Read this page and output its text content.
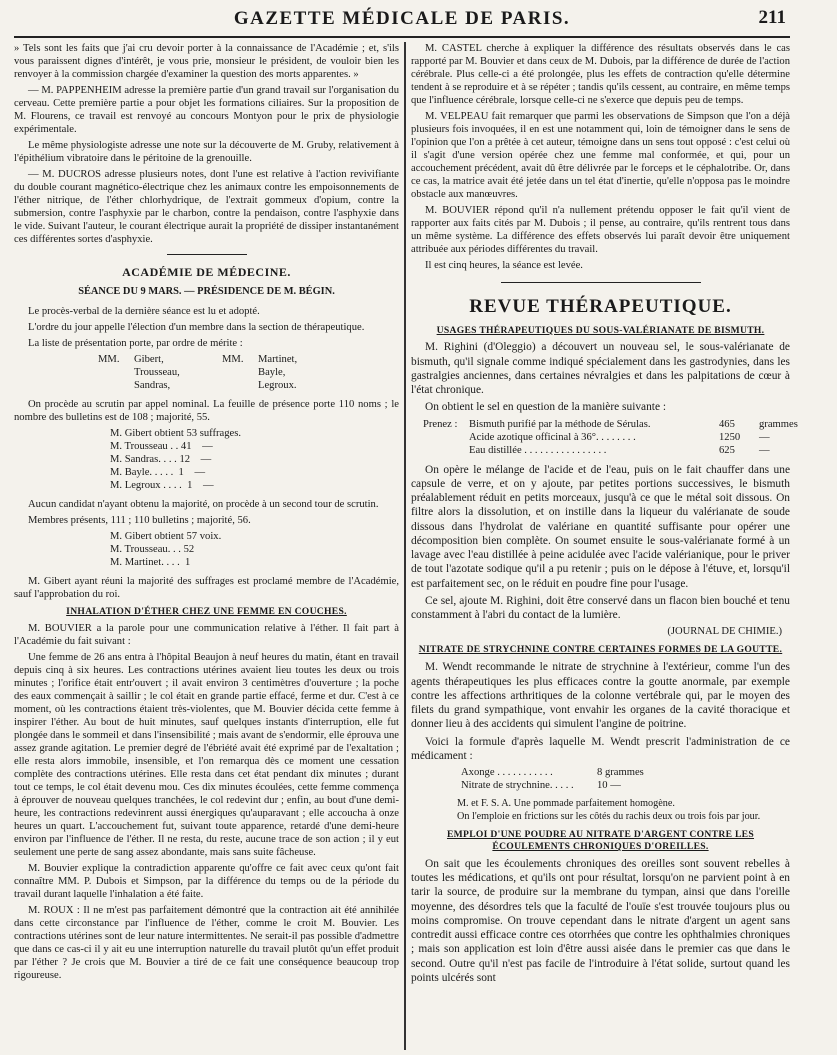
GAZETTE MÉDICALE DE PARIS.	211

» Tels sont les faits que j'ai cru devoir porter à la connaissance de l'Académie ; et, s'ils vous paraissent dignes d'intérêt, je vous prie, monsieur le président, de vouloir bien les renvoyer à la commission chargée d'examiner la question des morts apparentes. »

— M. PAPPENHEIM adresse la première partie d'un grand travail sur l'organisation du cerveau. Cette première partie a pour objet les formations ciliaires. Sur la proposition de M. Flourens, ce travail est renvoyé au concours Montyon pour le prix de physiologie expérimentale.

Le même physiologiste adresse une note sur la découverte de M. Gruby, relativement à l'épithélium vibratoire dans le péritoine de la grenouille.

— M. DUCROS adresse plusieurs notes, dont l'une est relative à l'action revivifiante du double courant magnético-électrique chez les animaux contre les empoisonnements de l'éther nitrique, de l'éther chlorhydrique, de l'extrait gommeux d'opium, contre la submersion, contre l'asphyxie par le charbon, contre la pendaison, contre l'asphyxie dans le vide. Suivant l'auteur, le courant électrique aurait la propriété de dissiper instantanément ces différentes sortes d'asphyxie.

ACADÉMIE DE MÉDECINE.
SÉANCE DU 9 MARS. — PRÉSIDENCE DE M. BÉGIN.

Le procès-verbal de la dernière séance est lu et adopté.

L'ordre du jour appelle l'élection d'un membre dans la section de thérapeutique.

La liste de présentation porte, par ordre de mérite :

MM.	Gibert,	MM.	Martinet,
Trousseau,	Bayle,
Sandras,	Legroux.

On procède au scrutin par appel nominal. La feuille de présence porte 110 noms ; le nombre des bulletins est de 108 ; majorité, 55.

M. Gibert obtient 53 suffrages.
M. Trousseau . . 41    —
M. Sandras. . . . 12    —
M. Bayle. . . . .  1    —
M. Legroux . . . .  1    —

Aucun candidat n'ayant obtenu la majorité, on procède à un second tour de scrutin.

Membres présents, 111 ; 110 bulletins ; majorité, 56.

M. Gibert obtient 57 voix.
M. Trousseau. . . 52
M. Martinet. . . .  1

M. Gibert ayant réuni la majorité des suffrages est proclamé membre de l'Académie, sauf l'approbation du roi.

INHALATION D'ÉTHER CHEZ UNE FEMME EN COUCHES.

M. BOUVIER a la parole pour une communication relative à l'éther. Il fait part à l'Académie du fait suivant :

Une femme de 26 ans entra à l'hôpital Beaujon à neuf heures du matin, étant en travail depuis cinq à six heures. Les contractions utérines avaient lieu toutes les deux ou trois minutes ; l'orifice était entr'ouvert ; il avait environ 3 centimètres d'ouverture ; la poche des eaux commençait à saillir ; le col était en grande partie effacé, ferme et dur. C'est à ce moment, où les contractions étaient très-violentes, que M. Bouvier décida cette femme à inspirer l'éther. Au bout de huit minutes, sauf quelques instants d'interruption, elle fut plongée dans le sommeil et dans l'insensibilité ; mais avant de s'endormir, elle éprouva une assez grande agitation. Le premier degré de l'ébriété avait été exprimé par de l'exaltation ; elle resta alors immobile, insensible, et l'on remarqua dès ce moment une cessation complète des contractions utérines. Elle resta dans cet état pendant dix minutes ; durant tout ce temps, le col était devenu mou. Ces dix minutes écoulées, cette femme commença à éprouver de nouveau quelques tranchées, le col redevint dur ; enfin, au bout d'une demi-heure, les contractions redevinrent aussi énergiques qu'auparavant ; elle accoucha à onze heures un quart. L'accouchement fut, suivant toute apparence, retardé d'une demi-heure environ par l'influence de l'éther. Il ne resta, du reste, aucune trace de son action ; il y eut seulement une perte de sang assez abondante, mais sans suite fâcheuse.

M. Bouvier explique la contradiction apparente qu'offre ce fait avec ceux qu'ont fait connaître MM. P. Dubois et Simpson, par la différence du temps ou de la période du travail durant laquelle l'inhalation a été faite.

M. ROUX : Il ne m'est pas parfaitement démontré que la contraction ait été annihilée dans cette circonstance par l'influence de l'éther, comme le croit M. Bouvier. Les contractions utérines sont de leur nature intermittentes. Ne serait-il pas possible d'admettre que dans ce cas-ci il y ait eu une interruption naturelle du travail plutôt qu'un effet produit par l'éther ? Je crois que M. Bouvier a tiré de ce fait une conséquence beaucoup trop rigoureuse.

M. CASTEL cherche à expliquer la différence des résultats observés dans le cas rapporté par M. Bouvier et dans ceux de M. Dubois, par la différence de durée de l'action cérébrale. Plus celle-ci a été prolongée, plus les effets de contraction qu'elle détermine tendent à se reproduire et à se répéter ; tandis qu'ils cessent, au contraire, en même temps que l'influence cérébrale, lorsque celle-ci ne s'exerce que depuis peu de temps.

M. VELPEAU fait remarquer que parmi les observations de Simpson que l'on a déjà plusieurs fois invoquées, il en est une notamment qui, loin de témoigner dans le sens de l'opinion que l'on a prêtée à cet auteur, témoigne dans un sens tout opposé : c'est celui où il s'agit d'une version opérée chez une femme mal conformée, et qui, pour un accouchement précédent, avait dû être délivrée par le forceps et le céphalotribe. Or, dans ce cas, la matrice avait été jetée dans un tel état d'inertie, qu'elle n'opposa pas le moindre obstacle aux manœuvres.

M. BOUVIER répond qu'il n'a nullement prétendu opposer le fait qu'il vient de rapporter aux faits cités par M. Dubois ; il pense, au contraire, qu'ils rentrent tous dans un même système. La différence des effets observés lui paraît devoir être uniquement attribuée aux périodes différentes du travail.

Il est cinq heures, la séance est levée.

REVUE THÉRAPEUTIQUE.
USAGES THÉRAPEUTIQUES DU SOUS-VALÉRIANATE DE BISMUTH.

M. Righini (d'Oleggio) a découvert un nouveau sel, le sous-valérianate de bismuth, qu'il signale comme indiqué spécialement dans les gastrodynies, dans les gastralgies anciennes, dans certaines névralgies et dans les palpitations de cœur à l'état chronique.

On obtient le sel en question de la manière suivante :

Prenez :	Bismuth purifié par la méthode de Sérulas.	465	grammes
Acide azotique officinal à 36°. . . . . . . .	1250	—
Eau distillée . . . . . . . . . . . . . . . .	625	—

On opère le mélange de l'acide et de l'eau, puis on le fait chauffer dans une capsule de verre, et on y ajoute, par petites portions successives, le bismuth préalablement réduit en petits morceaux, jusqu'à ce que le métal soit dissous. On filtre alors la dissolution, et on instille dans la liqueur du valérianate de soude dissous dans l'hydrolat de valériane en quantité suffisante pour opérer une décomposition bien complète. On soumet ensuite le sous-valérianate formé à un lavage avec l'eau distillée à peine acidulée avec l'acide valérianique, pour le priver de tout l'azotate sodique qu'il a pu retenir ; puis on le dépose à l'étuve, et, lorsqu'il est parfaitement sec, on le réduit en poudre fine pour l'usage.

Ce sel, ajoute M. Righini, doit être conservé dans un flacon bien bouché et tenu constamment à l'abri du contact de la lumière.

(JOURNAL DE CHIMIE.)
NITRATE DE STRYCHNINE CONTRE CERTAINES FORMES DE LA GOUTTE.

M. Wendt recommande le nitrate de strychnine à l'extérieur, comme l'un des agents thérapeutiques les plus efficaces contre la goutte anormale, par exemple contre les affections arthritiques de la colonne vertébrale qui, par le moyen des filets du grand sympathique, vont envahir les organes de la cavité thoracique et donner lieu à des accidents qui simulent l'angine de poitrine.

Voici la formule d'après laquelle M. Wendt prescrit l'administration de ce médicament :

Axonge . . . . . . . . . . .	8 grammes
Nitrate de strychnine. . . . .	10 —
M. et F. S. A. Une pommade parfaitement homogène.
On l'emploie en frictions sur les côtés du rachis deux ou trois fois par jour.
EMPLOI D'UNE POUDRE AU NITRATE D'ARGENT CONTRE LES ÉCOULEMENTS CHRONIQUES D'OREILLES.

On sait que les écoulements chroniques des oreilles sont souvent rebelles à toutes les médications, et qu'ils ont pour résultat, lorsqu'on ne parvient point à en tarir la source, de produire sur la membrane du tympan, ainsi que dans l'oreille moyenne, des désordres tels que la faculté de l'ouïe s'est trouvée toujours plus ou moins compromise. On trouve cependant dans le nitrate d'argent un agent sans contredit aussi efficace contre ces otorrhées que contre les ophthalmies chroniques ; mais son application est loin d'être aussi aisée dans le premier cas que dans le second. Outre qu'il n'est pas facile de l'introduire à l'état solide, surtout quand les points ulcérés sont
